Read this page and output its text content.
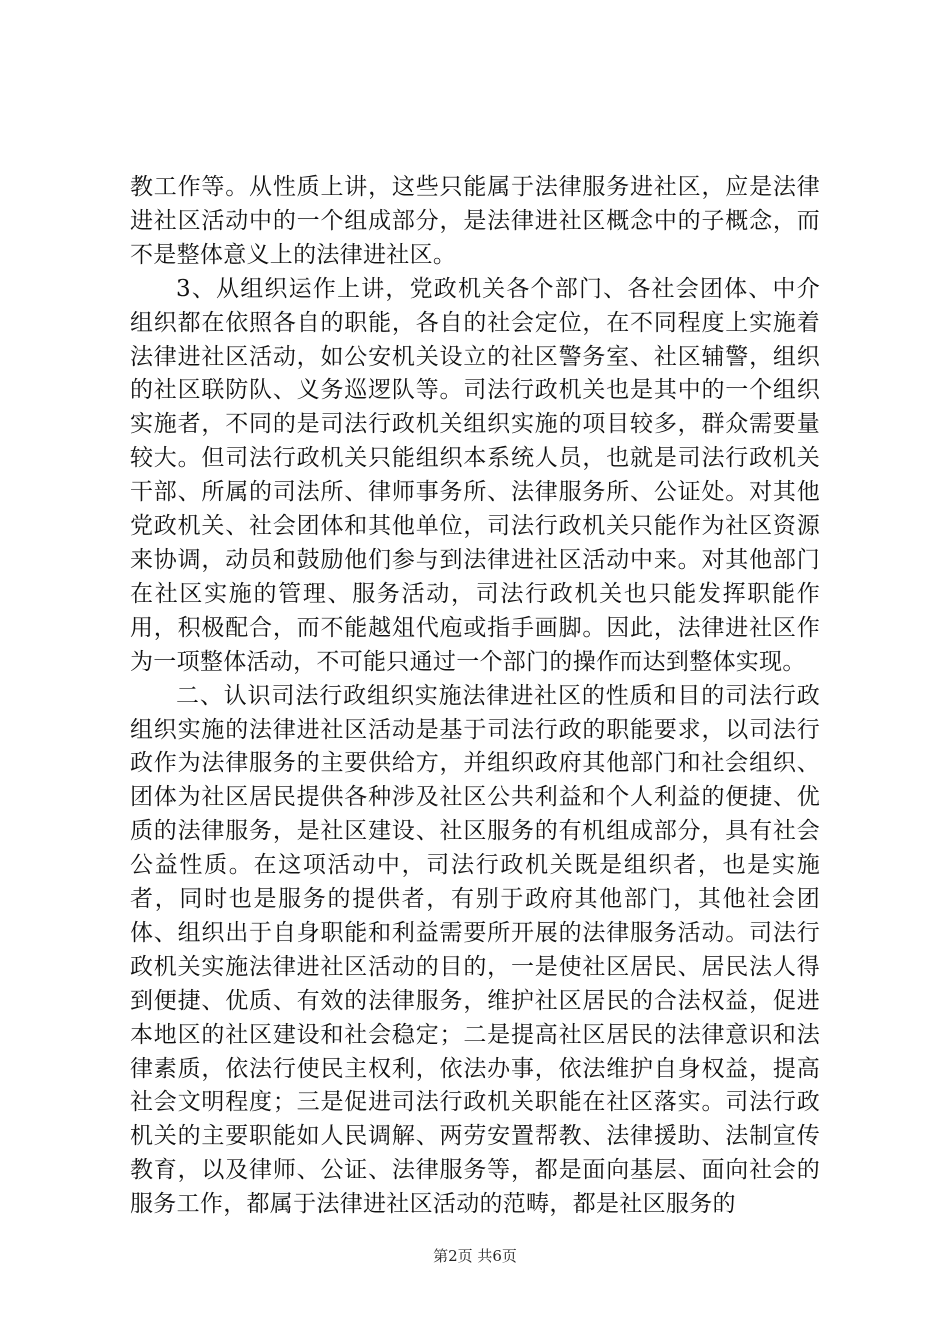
教工作等。从性质上讲，这些只能属于法律服务进社区，应是法律进社区活动中的一个组成部分，是法律进社区概念中的子概念，而不是整体意义上的法律进社区。

3、从组织运作上讲，党政机关各个部门、各社会团体、中介组织都在依照各自的职能，各自的社会定位，在不同程度上实施着法律进社区活动，如公安机关设立的社区警务室、社区辅警，组织的社区联防队、义务巡逻队等。司法行政机关也是其中的一个组织实施者，不同的是司法行政机关组织实施的项目较多，群众需要量较大。但司法行政机关只能组织本系统人员，也就是司法行政机关干部、所属的司法所、律师事务所、法律服务所、公证处。对其他党政机关、社会团体和其他单位，司法行政机关只能作为社区资源来协调，动员和鼓励他们参与到法律进社区活动中来。对其他部门在社区实施的管理、服务活动，司法行政机关也只能发挥职能作用，积极配合，而不能越俎代庖或指手画脚。因此，法律进社区作为一项整体活动，不可能只通过一个部门的操作而达到整体实现。

二、认识司法行政组织实施法律进社区的性质和目的司法行政组织实施的法律进社区活动是基于司法行政的职能要求，以司法行政作为法律服务的主要供给方，并组织政府其他部门和社会组织、团体为社区居民提供各种涉及社区公共利益和个人利益的便捷、优质的法律服务，是社区建设、社区服务的有机组成部分，具有社会公益性质。在这项活动中，司法行政机关既是组织者，也是实施者，同时也是服务的提供者，有别于政府其他部门，其他社会团体、组织出于自身职能和利益需要所开展的法律服务活动。司法行政机关实施法律进社区活动的目的，一是使社区居民、居民法人得到便捷、优质、有效的法律服务，维护社区居民的合法权益，促进本地区的社区建设和社会稳定；二是提高社区居民的法律意识和法律素质，依法行使民主权利，依法办事，依法维护自身权益，提高社会文明程度；三是促进司法行政机关职能在社区落实。司法行政机关的主要职能如人民调解、两劳安置帮教、法律援助、法制宣传教育，以及律师、公证、法律服务等，都是面向基层、面向社会的服务工作，都属于法律进社区活动的范畴，都是社区服务的

第2页 共6页
